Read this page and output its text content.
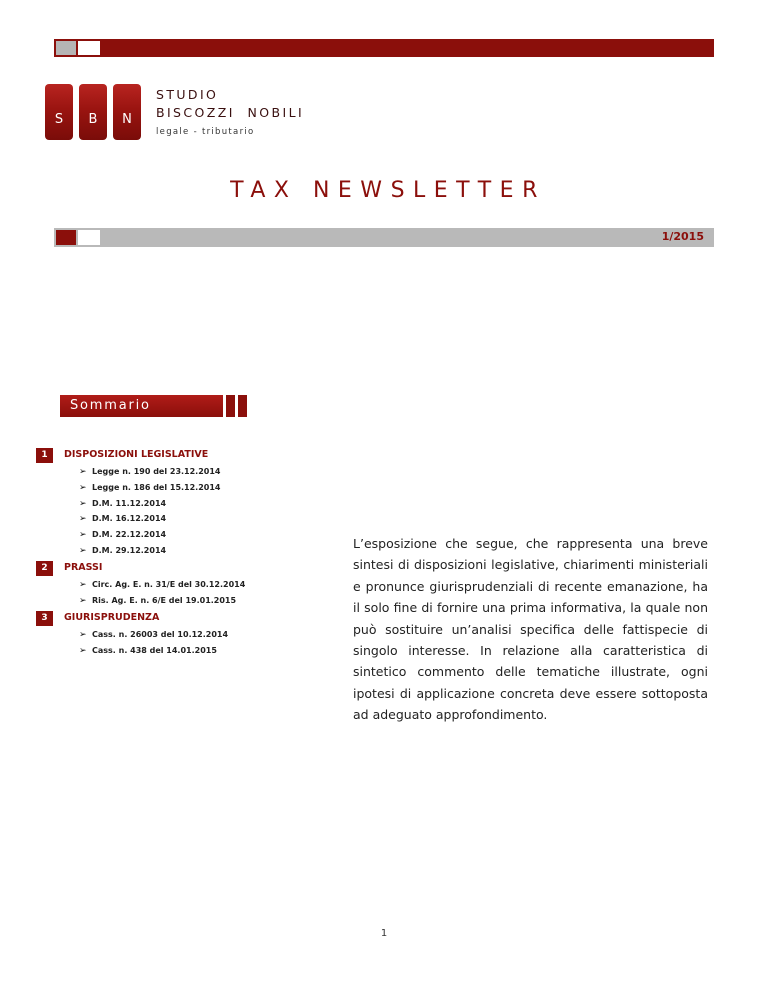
S	B	N
STUDIO
BISCOZZI  NOBILI
legale - tributario
TAX NEWSLETTER
1/2015
Sommario
1	DISPOSIZIONI LEGISLATIVE
➢ Legge n. 190 del 23.12.2014
➢ Legge n. 186 del 15.12.2014
➢ D.M. 11.12.2014
➢ D.M. 16.12.2014
➢ D.M. 22.12.2014
➢ D.M. 29.12.2014
2	PRASSI
➢ Circ. Ag. E. n. 31/E del 30.12.2014
➢ Ris. Ag. E. n. 6/E del 19.01.2015
3	GIURISPRUDENZA
➢ Cass. n. 26003 del 10.12.2014
➢ Cass. n. 438 del 14.01.2015
L’esposizione che segue, che rappresenta una breve sintesi di disposizioni legislative, chiarimenti ministeriali e pronunce giurisprudenziali di recente emanazione, ha il solo fine di fornire una prima informativa, la quale non può sostituire un’analisi specifica delle fattispecie di singolo interesse. In relazione alla caratteristica di sintetico commento delle tematiche illustrate, ogni ipotesi di applicazione concreta deve essere sottoposta ad adeguato approfondimento.
1
